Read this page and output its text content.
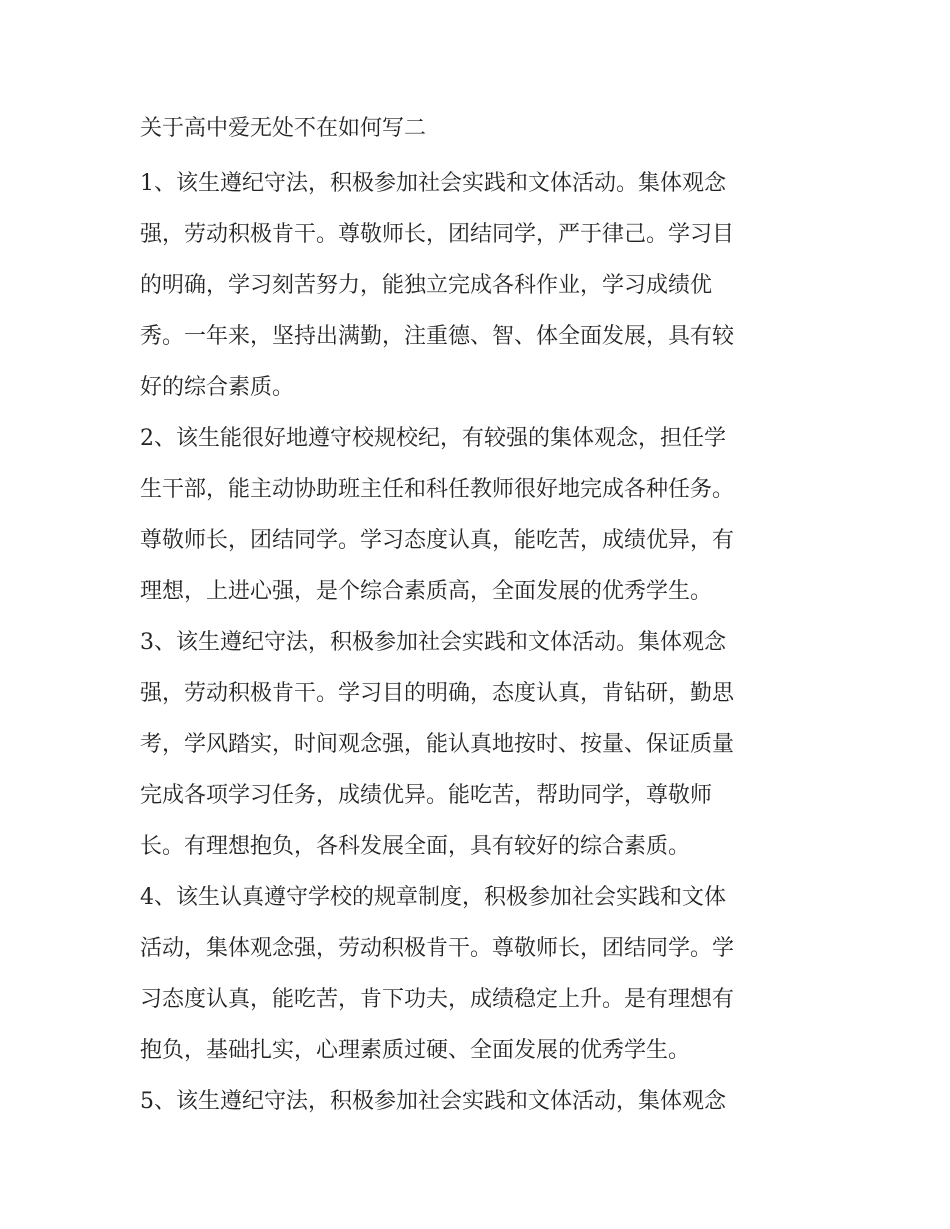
关于高中爱无处不在如何写二
1、该生遵纪守法，积极参加社会实践和文体活动。集体观念
强，劳动积极肯干。尊敬师长，团结同学，严于律己。学习目
的明确，学习刻苦努力，能独立完成各科作业，学习成绩优
秀。一年来，坚持出满勤，注重德、智、体全面发展，具有较
好的综合素质。
2、该生能很好地遵守校规校纪，有较强的集体观念，担任学
生干部，能主动协助班主任和科任教师很好地完成各种任务。
尊敬师长，团结同学。学习态度认真，能吃苦，成绩优异，有
理想，上进心强，是个综合素质高，全面发展的优秀学生。
3、该生遵纪守法，积极参加社会实践和文体活动。集体观念
强，劳动积极肯干。学习目的明确，态度认真，肯钻研，勤思
考，学风踏实，时间观念强，能认真地按时、按量、保证质量
完成各项学习任务，成绩优异。能吃苦，帮助同学，尊敬师
长。有理想抱负，各科发展全面，具有较好的综合素质。
4、该生认真遵守学校的规章制度，积极参加社会实践和文体
活动，集体观念强，劳动积极肯干。尊敬师长，团结同学。学
习态度认真，能吃苦，肯下功夫，成绩稳定上升。是有理想有
抱负，基础扎实，心理素质过硬、全面发展的优秀学生。
5、该生遵纪守法，积极参加社会实践和文体活动，集体观念
